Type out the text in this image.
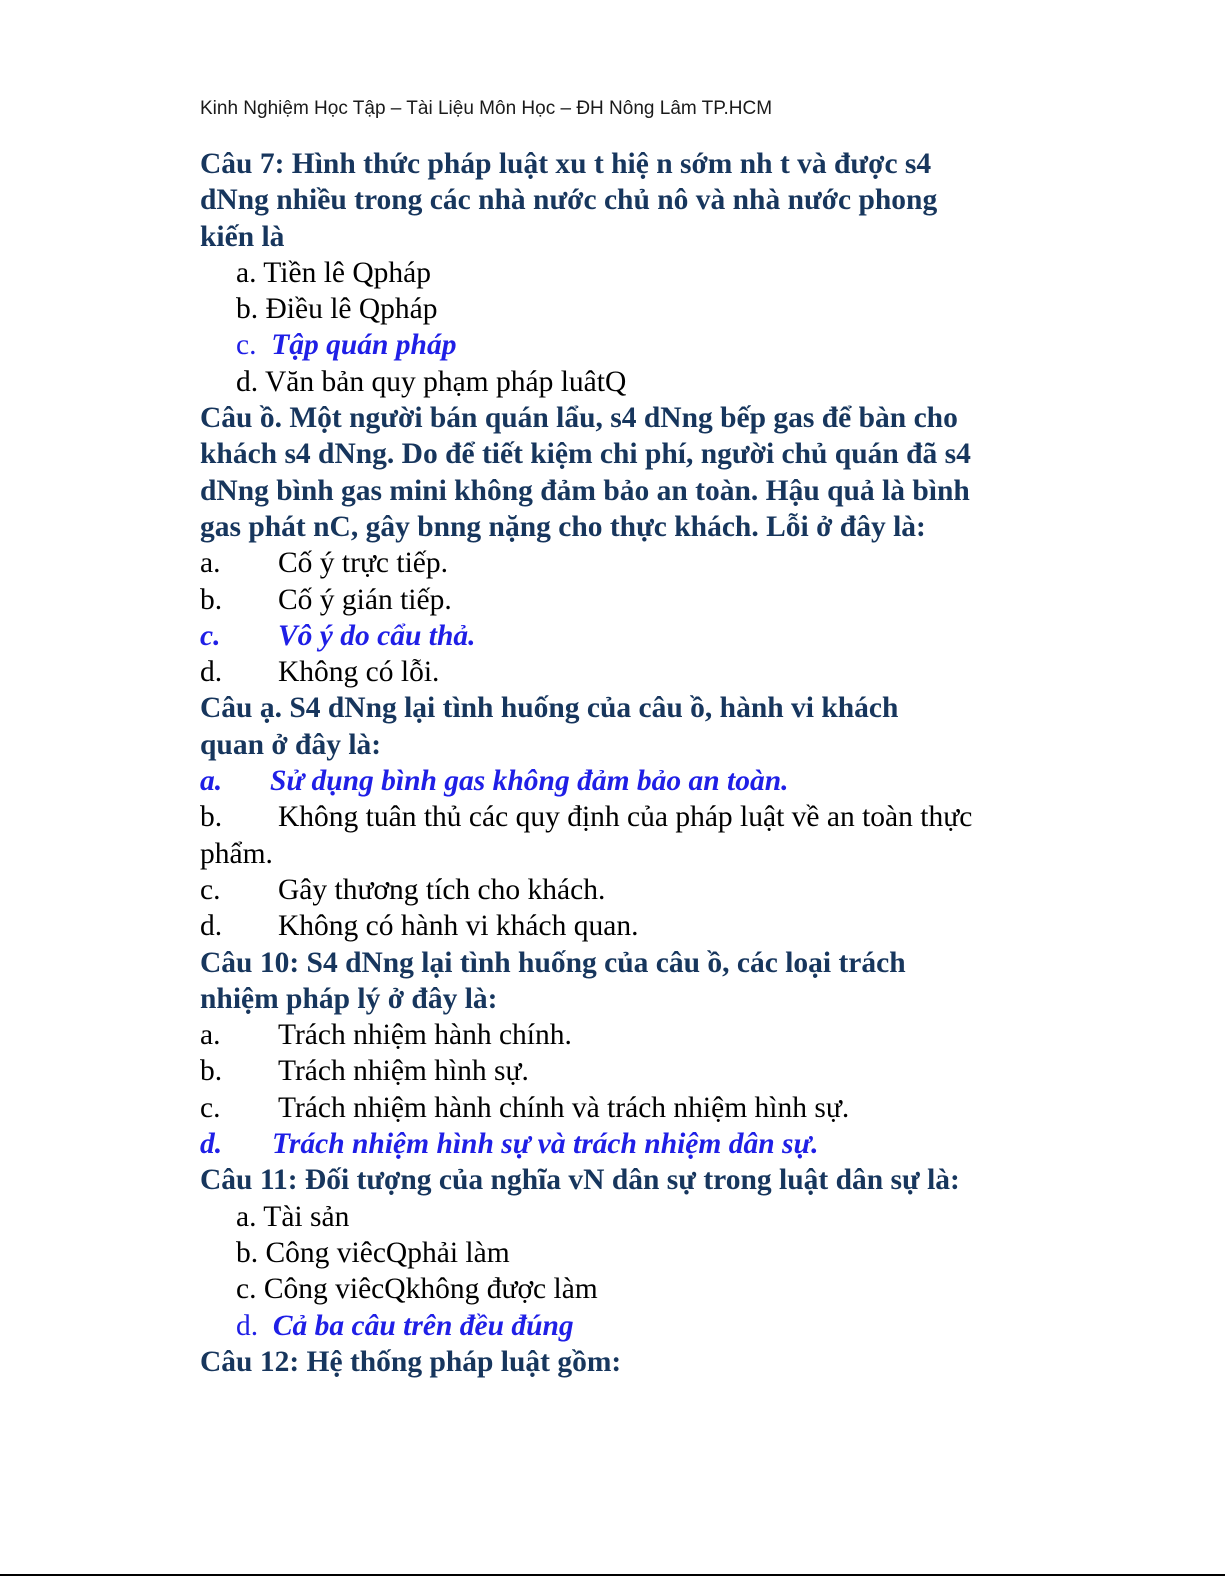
Kinh Nghiệm Học Tập – Tài Liệu Môn Học – ĐH Nông Lâm TP.HCM
Câu 7: Hình thức pháp luật xu t hiệ n sớm nh t và được s4
dNng nhiều trong các nhà nước chủ nô và nhà nước phong
kiến là
a. Tiền lê Qpháp
b. Điều lê Qpháp
c. Tập quán pháp
d. Văn bản quy phạm pháp luâtQ
Câu ồ. Một người bán quán lẩu, s4 dNng bếp gas để bàn cho
khách s4 dNng. Do để tiết kiệm chi phí, người chủ quán đã s4
dNng bình gas mini không đảm bảo an toàn. Hậu quả là bình
gas phát nC, gây bnng nặng cho thực khách. Lỗi ở đây là:
a. Cố ý trực tiếp.
b. Cố ý gián tiếp.
c. Vô ý do cẩu thả.
d. Không có lỗi.
Câu ạ. S4 dNng lại tình huống của câu ồ, hành vi khách
quan ở đây là:
a. Sử dụng bình gas không đảm bảo an toàn.
b. Không tuân thủ các quy định của pháp luật về an toàn thực
phẩm.
c. Gây thương tích cho khách.
d. Không có hành vi khách quan.
Câu 10: S4 dNng lại tình huống của câu ồ, các loại trách
nhiệm pháp lý ở đây là:
a. Trách nhiệm hành chính.
b. Trách nhiệm hình sự.
c. Trách nhiệm hành chính và trách nhiệm hình sự.
d. Trách nhiệm hình sự và trách nhiệm dân sự.
Câu 11: Đối tượng của nghĩa vN dân sự trong luật dân sự là:
a. Tài sản
b. Công viêcQphải làm
c. Công viêcQkhông được làm
d. Cả ba câu trên đều đúng
Câu 12: Hệ thống pháp luật gồm:
